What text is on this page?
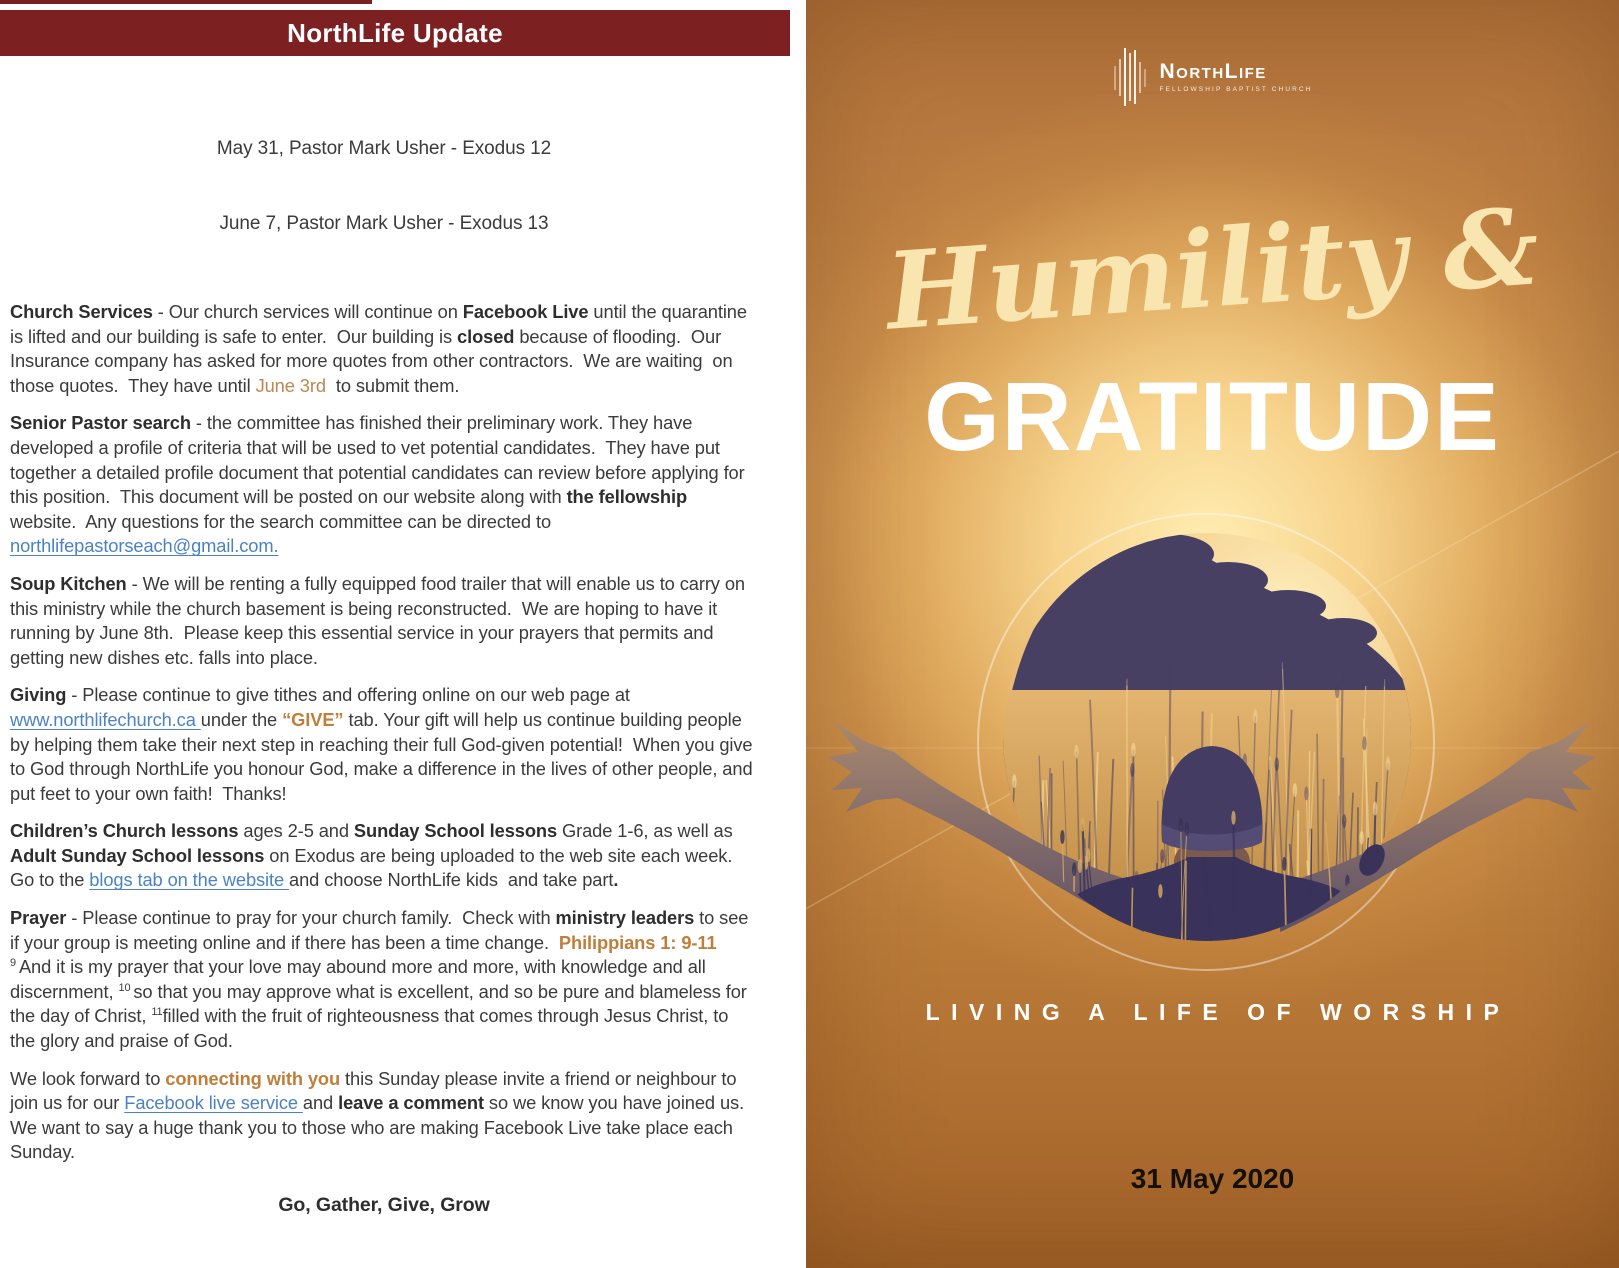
NorthLife Update

May 31, Pastor Mark Usher - Exodus 12

June 7, Pastor Mark Usher - Exodus 13

Church Services - Our church services will continue on Facebook Live until the quarantine is lifted and our building is safe to enter.  Our building is closed because of flooding.  Our Insurance company has asked for more quotes from other contractors.  We are waiting  on those quotes.  They have until June 3rd  to submit them.

Senior Pastor search - the committee has finished their preliminary work. They have developed a profile of criteria that will be used to vet potential candidates.  They have put together a detailed profile document that potential candidates can review before applying for this position.  This document will be posted on our website along with the fellowship website.  Any questions for the search committee can be directed to northlifepastorseach@gmail.com.

Soup Kitchen - We will be renting a fully equipped food trailer that will enable us to carry on this ministry while the church basement is being reconstructed.  We are hoping to have it running by June 8th.  Please keep this essential service in your prayers that permits and getting new dishes etc. falls into place.

Giving - Please continue to give tithes and offering online on our web page at www.northlifechurch.ca under the “GIVE” tab. Your gift will help us continue building people by helping them take their next step in reaching their full God-given potential!  When you give to God through NorthLife you honour God, make a difference in the lives of other people, and put feet to your own faith!  Thanks!

Children’s Church lessons ages 2-5 and Sunday School lessons Grade 1-6, as well as Adult Sunday School lessons on Exodus are being uploaded to the web site each week.  Go to the blogs tab on the website and choose NorthLife kids  and take part.

Prayer - Please continue to pray for your church family.  Check with ministry leaders to see if your group is meeting online and if there has been a time change.  Philippians 1: 9-11
$^9$ And it is my prayer that your love may abound more and more, with knowledge and all discernment, $^{10}$ so that you may approve what is excellent, and so be pure and blameless for the day of Christ, $^{11}$filled with the fruit of righteousness that comes through Jesus Christ, to the glory and praise of God.

We look forward to connecting with you this Sunday please invite a friend or neighbour to join us for our Facebook live service and leave a comment so we know you have joined us.  We want to say a huge thank you to those who are making Facebook Live take place each Sunday.

Go, Gather, Give, Grow
NorthLife
FELLOWSHIP BAPTIST CHURCH
Humility &
GRATITUDE
LIVING A LIFE OF WORSHIP
31 May 2020
